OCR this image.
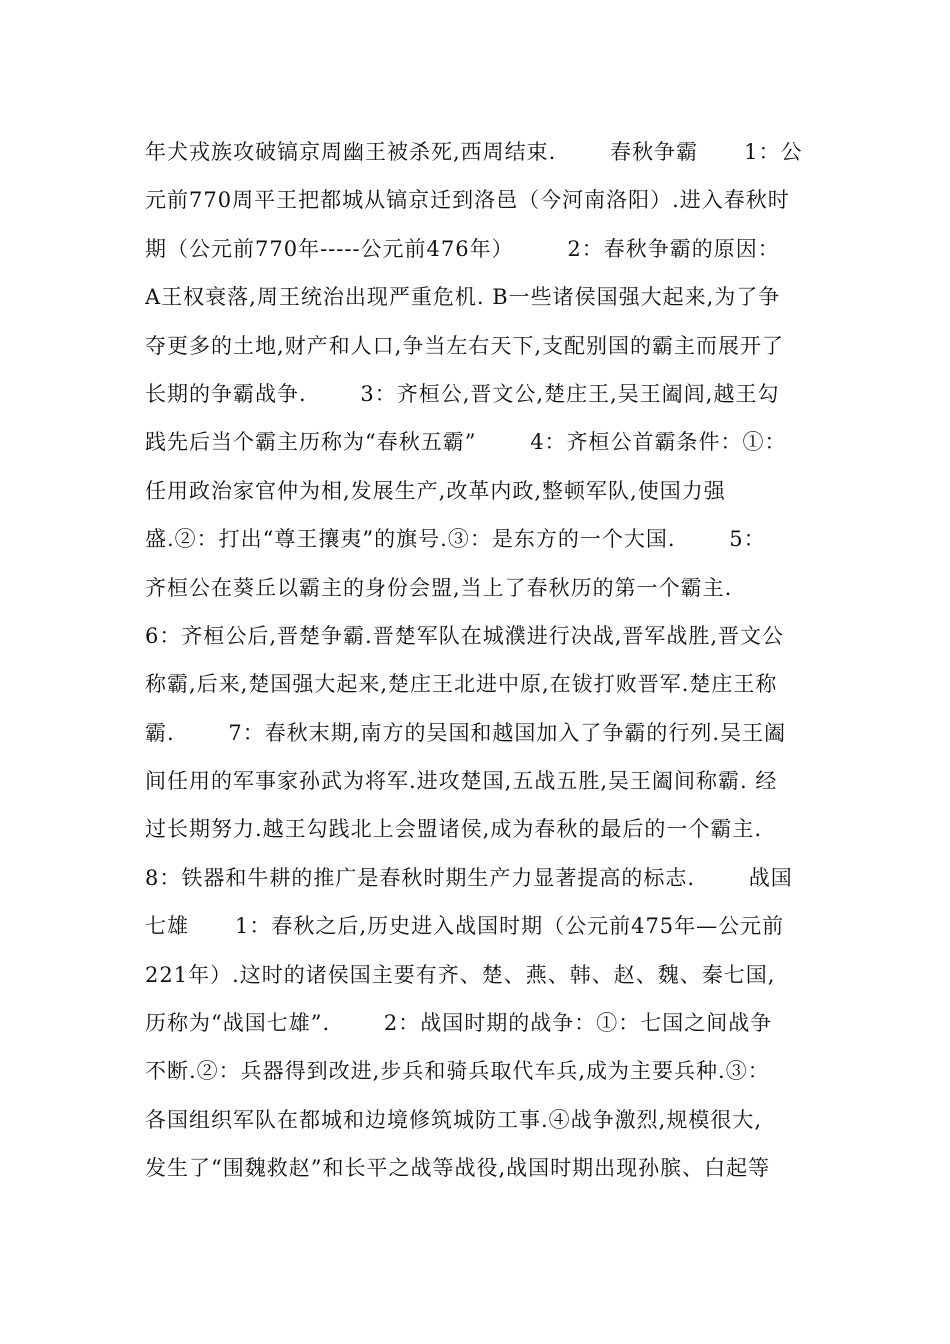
年犬戎族攻破镐京周幽王被杀死,西周结束.       春秋争霸      1：公
元前770周平王把都城从镐京迁到洛邑（今河南洛阳）.进入春秋时
期（公元前770年-----公元前476年）       2：春秋争霸的原因：
A王权衰落,周王统治出现严重危机. B一些诸侯国强大起来,为了争
夺更多的土地,财产和人口,争当左右天下,支配别国的霸主而展开了
长期的争霸战争.       3：齐桓公,晋文公,楚庄王,吴王阖闾,越王勾
践先后当个霸主历称为“春秋五霸”       4：齐桓公首霸条件：①：
任用政治家官仲为相,发展生产,改革内政,整顿军队,使国力强
盛.②：打出“尊王攘夷”的旗号.③：是东方的一个大国.       5：
齐桓公在葵丘以霸主的身份会盟,当上了春秋历的第一个霸主.
6：齐桓公后,晋楚争霸.晋楚军队在城濮进行决战,晋军战胜,晋文公
称霸,后来,楚国强大起来,楚庄王北进中原,在钹打败晋军.楚庄王称
霸.       7：春秋末期,南方的吴国和越国加入了争霸的行列.吴王阖
间任用的军事家孙武为将军.进攻楚国,五战五胜,吴王阖间称霸. 经
过长期努力.越王勾践北上会盟诸侯,成为春秋的最后的一个霸主.
8：铁器和牛耕的推广是春秋时期生产力显著提高的标志.       战国
七雄      1：春秋之后,历史进入战国时期（公元前475年—公元前
221年）.这时的诸侯国主要有齐、楚、燕、韩、赵、魏、秦七国,
历称为“战国七雄”.       2：战国时期的战争：①：七国之间战争
不断.②：兵器得到改进,步兵和骑兵取代车兵,成为主要兵种.③：
各国组织军队在都城和边境修筑城防工事.④战争激烈,规模很大,
发生了“围魏救赵”和长平之战等战役,战国时期出现孙膑、白起等
